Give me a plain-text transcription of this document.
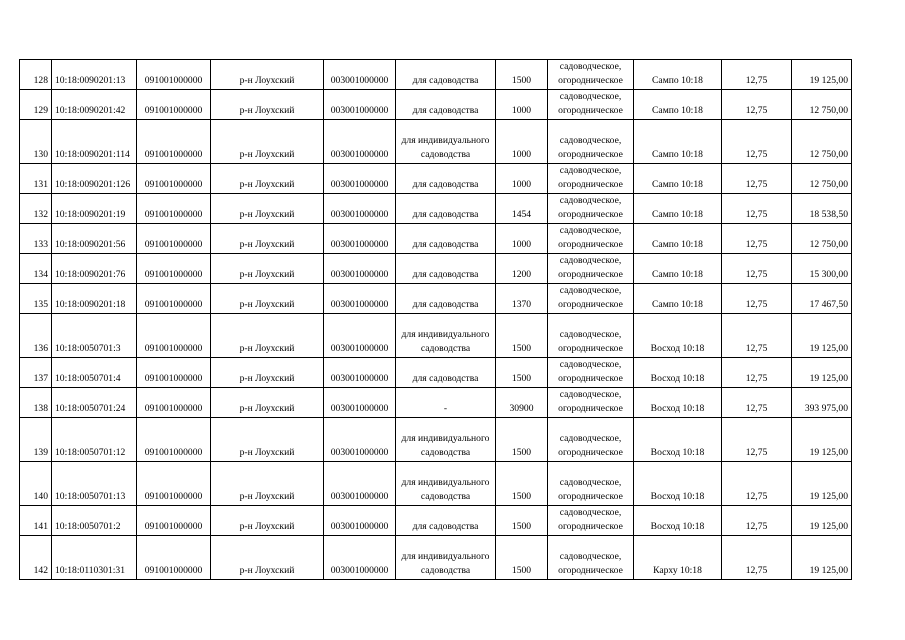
128	10:18:0090201:13	091001000000	р-н Лоухский	003001000000	для садоводства	1500	садоводческое, огородническое	Сампо 10:18	12,75	19 125,00
129	10:18:0090201:42	091001000000	р-н Лоухский	003001000000	для садоводства	1000	садоводческое, огородническое	Сампо 10:18	12,75	12 750,00
130	10:18:0090201:114	091001000000	р-н Лоухский	003001000000	для индивидуального садоводства	1000	садоводческое, огородническое	Сампо 10:18	12,75	12 750,00
131	10:18:0090201:126	091001000000	р-н Лоухский	003001000000	для садоводства	1000	садоводческое, огородническое	Сампо 10:18	12,75	12 750,00
132	10:18:0090201:19	091001000000	р-н Лоухский	003001000000	для садоводства	1454	садоводческое, огородническое	Сампо 10:18	12,75	18 538,50
133	10:18:0090201:56	091001000000	р-н Лоухский	003001000000	для садоводства	1000	садоводческое, огородническое	Сампо 10:18	12,75	12 750,00
134	10:18:0090201:76	091001000000	р-н Лоухский	003001000000	для садоводства	1200	садоводческое, огородническое	Сампо 10:18	12,75	15 300,00
135	10:18:0090201:18	091001000000	р-н Лоухский	003001000000	для садоводства	1370	садоводческое, огородническое	Сампо 10:18	12,75	17 467,50
136	10:18:0050701:3	091001000000	р-н Лоухский	003001000000	для индивидуального садоводства	1500	садоводческое, огородническое	Восход 10:18	12,75	19 125,00
137	10:18:0050701:4	091001000000	р-н Лоухский	003001000000	для садоводства	1500	садоводческое, огородническое	Восход 10:18	12,75	19 125,00
138	10:18:0050701:24	091001000000	р-н Лоухский	003001000000	-	30900	садоводческое, огородническое	Восход 10:18	12,75	393 975,00
139	10:18:0050701:12	091001000000	р-н Лоухский	003001000000	для индивидуального садоводства	1500	садоводческое, огородническое	Восход 10:18	12,75	19 125,00
140	10:18:0050701:13	091001000000	р-н Лоухский	003001000000	для индивидуального садоводства	1500	садоводческое, огородническое	Восход 10:18	12,75	19 125,00
141	10:18:0050701:2	091001000000	р-н Лоухский	003001000000	для садоводства	1500	садоводческое, огородническое	Восход 10:18	12,75	19 125,00
142	10:18:0110301:31	091001000000	р-н Лоухский	003001000000	для индивидуального садоводства	1500	садоводческое, огородническое	Карху 10:18	12,75	19 125,00
